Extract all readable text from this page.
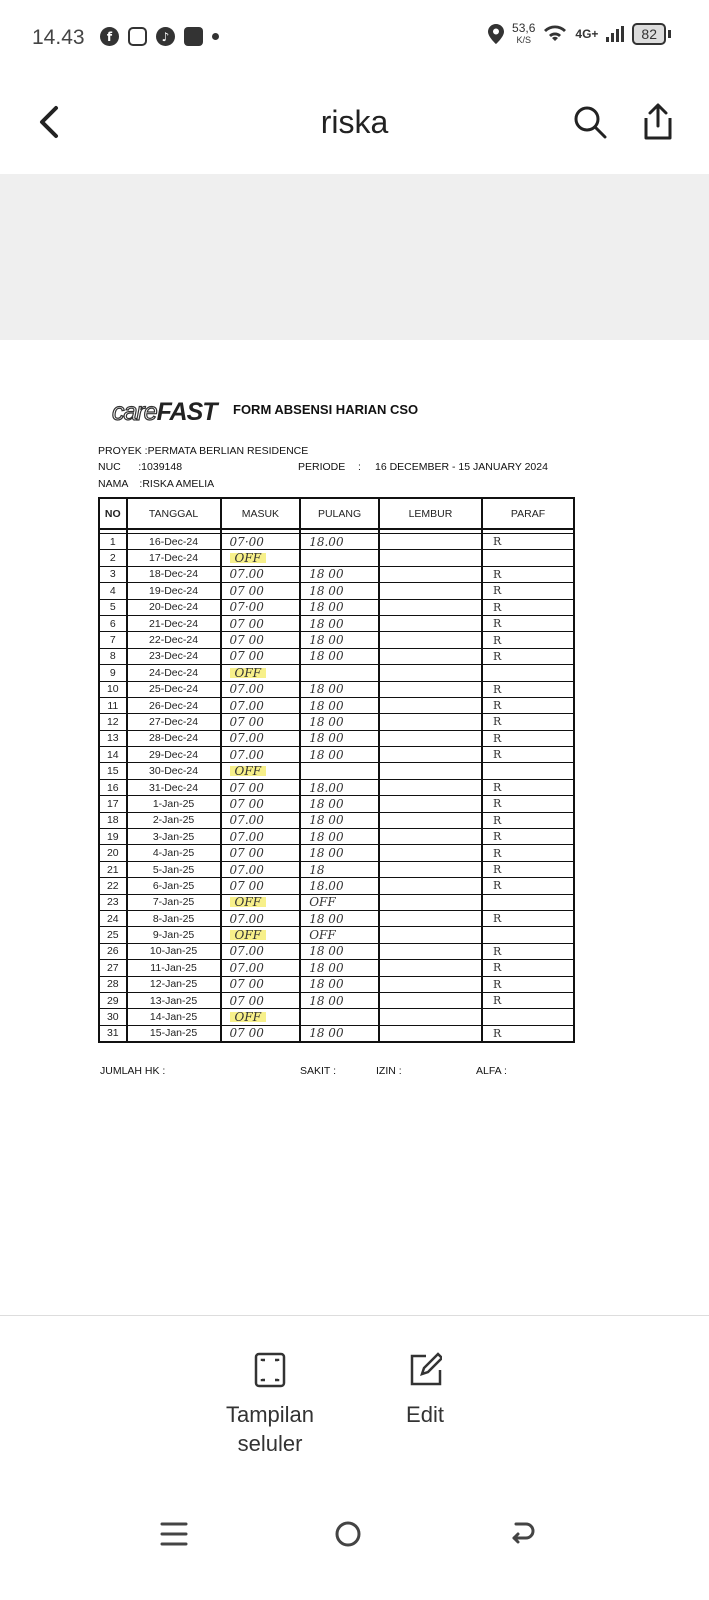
14.43	f	♪
53,6
K/S	4G+	82
riska
careFAST FORM ABSENSI HARIAN CSO
PROYEK :PERMATA BERLIAN RESIDENCE
NUC      :1039148
NAMA    :RISKA AMELIA
PERIODE : 16 DECEMBER - 15 JANUARY 2024
NO	TANGGAL	MASUK	PULANG	LEMBUR	PARAF

1	16-Dec-24	07·00	18.00		R
2	17-Dec-24	OFF			
3	18-Dec-24	07.00	18 00		R
4	19-Dec-24	07 00	18 00		R
5	20-Dec-24	07·00	18 00		R
6	21-Dec-24	07 00	18 00		R
7	22-Dec-24	07 00	18 00		R
8	23-Dec-24	07 00	18 00		R
9	24-Dec-24	OFF			
10	25-Dec-24	07.00	18 00		R
11	26-Dec-24	07.00	18 00		R
12	27-Dec-24	07 00	18 00		R
13	28-Dec-24	07.00	18 00		R
14	29-Dec-24	07.00	18 00		R
15	30-Dec-24	OFF			
16	31-Dec-24	07 00	18.00		R
17	1-Jan-25	07 00	18 00		R
18	2-Jan-25	07.00	18 00		R
19	3-Jan-25	07.00	18 00		R
20	4-Jan-25	07 00	18 00		R
21	5-Jan-25	07.00	18		R
22	6-Jan-25	07 00	18.00		R
23	7-Jan-25	OFF	OFF		
24	8-Jan-25	07.00	18 00		R
25	9-Jan-25	OFF	OFF		
26	10-Jan-25	07.00	18 00		R
27	11-Jan-25	07.00	18 00		R
28	12-Jan-25	07 00	18 00		R
29	13-Jan-25	07 00	18 00		R
30	14-Jan-25	OFF			
31	15-Jan-25	07 00	18 00		R
JUMLAH HK :	SAKIT :	IZIN :	ALFA :
Tampilan seluler
Edit
